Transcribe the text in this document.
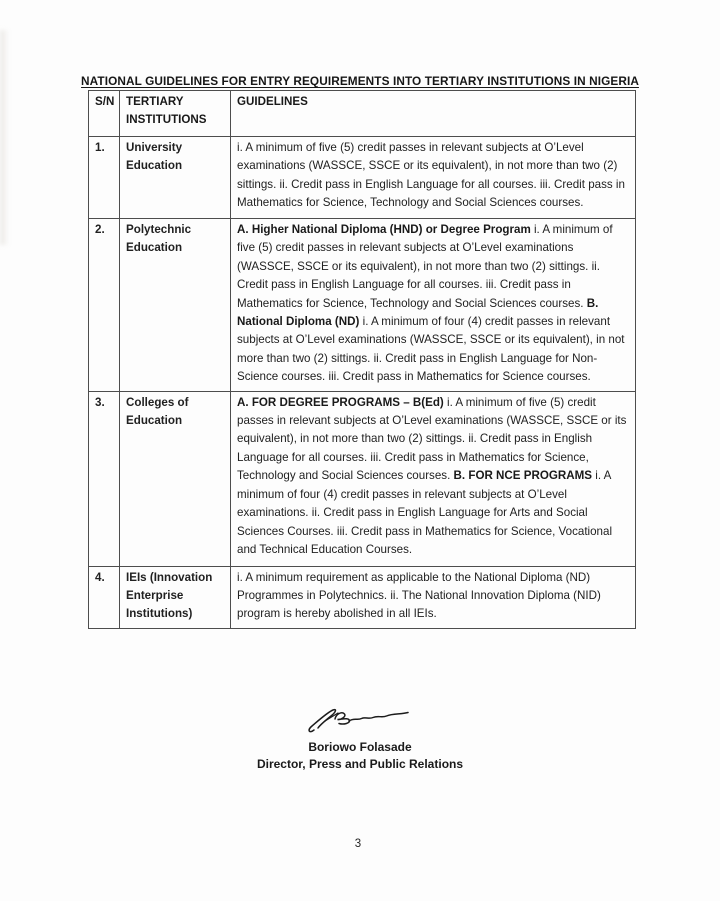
NATIONAL GUIDELINES FOR ENTRY REQUIREMENTS INTO TERTIARY INSTITUTIONS IN NIGERIA
S/N	TERTIARY INSTITUTIONS	GUIDELINES
1.	University Education	i. A minimum of five (5) credit passes in relevant subjects at O’Level examinations (WASSCE, SSCE or its equivalent), in not more than two (2) sittings. ii. Credit pass in English Language for all courses. iii. Credit pass in Mathematics for Science, Technology and Social Sciences courses.
2.	Polytechnic Education	A. Higher National Diploma (HND) or Degree Program i. A minimum of five (5) credit passes in relevant subjects at O’Level examinations (WASSCE, SSCE or its equivalent), in not more than two (2) sittings. ii. Credit pass in English Language for all courses. iii. Credit pass in Mathematics for Science, Technology and Social Sciences courses. B. National Diploma (ND) i. A minimum of four (4) credit passes in relevant subjects at O’Level examinations (WASSCE, SSCE or its equivalent), in not more than two (2) sittings. ii. Credit pass in English Language for Non-Science courses. iii. Credit pass in Mathematics for Science courses.
3.	Colleges of Education	A. FOR DEGREE PROGRAMS – B(Ed) i. A minimum of five (5) credit passes in relevant subjects at O’Level examinations (WASSCE, SSCE or its equivalent), in not more than two (2) sittings. ii. Credit pass in English Language for all courses. iii. Credit pass in Mathematics for Science, Technology and Social Sciences courses. B. FOR NCE PROGRAMS i. A minimum of four (4) credit passes in relevant subjects at O’Level examinations. ii. Credit pass in English Language for Arts and Social Sciences Courses. iii. Credit pass in Mathematics for Science, Vocational and Technical Education Courses.
4.	IEIs (Innovation Enterprise Institutions)	i. A minimum requirement as applicable to the National Diploma (ND) Programmes in Polytechnics. ii. The National Innovation Diploma (NID) program is hereby abolished in all IEIs.
Boriowo Folasade
Director, Press and Public Relations
3
